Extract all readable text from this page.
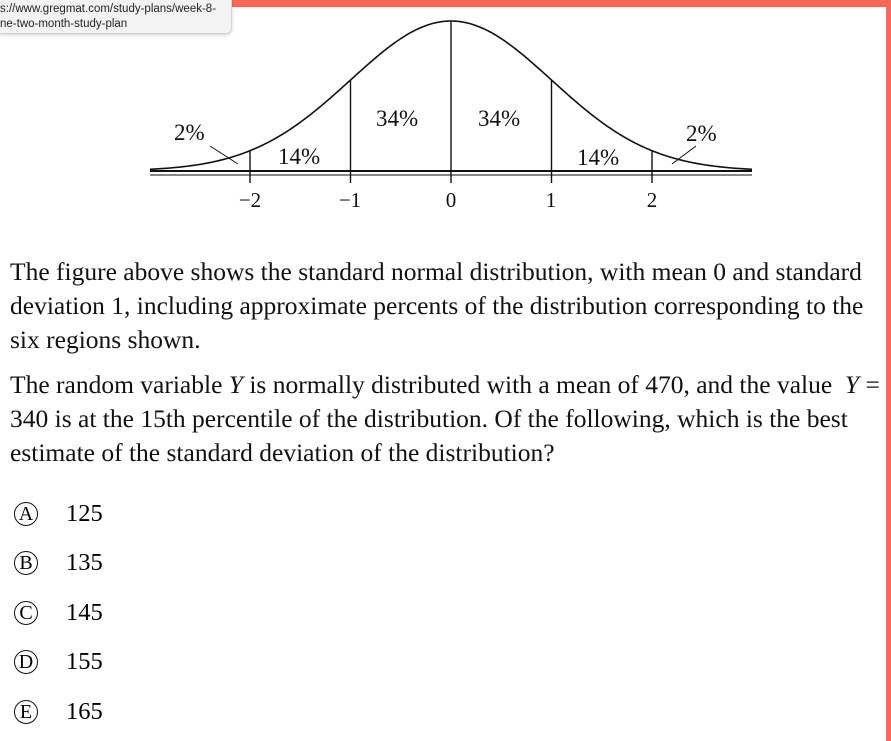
2%
14%
34%	34%
14%
2%
−2	−1	0	1	2

The figure above shows the standard normal distribution, with mean 0 and standard deviation 1, including approximate percents of the distribution corresponding to the six regions shown.

The random variable Y is normally distributed with a mean of 470, and the value  Y = 340 is at the 15th percentile of the distribution. Of the following, which is the best estimate of the standard deviation of the distribution?

A 125
B 135
C 145
D 155
E 165
s://www.gregmat.com/study-plans/week-8-
ne-two-month-study-plan
